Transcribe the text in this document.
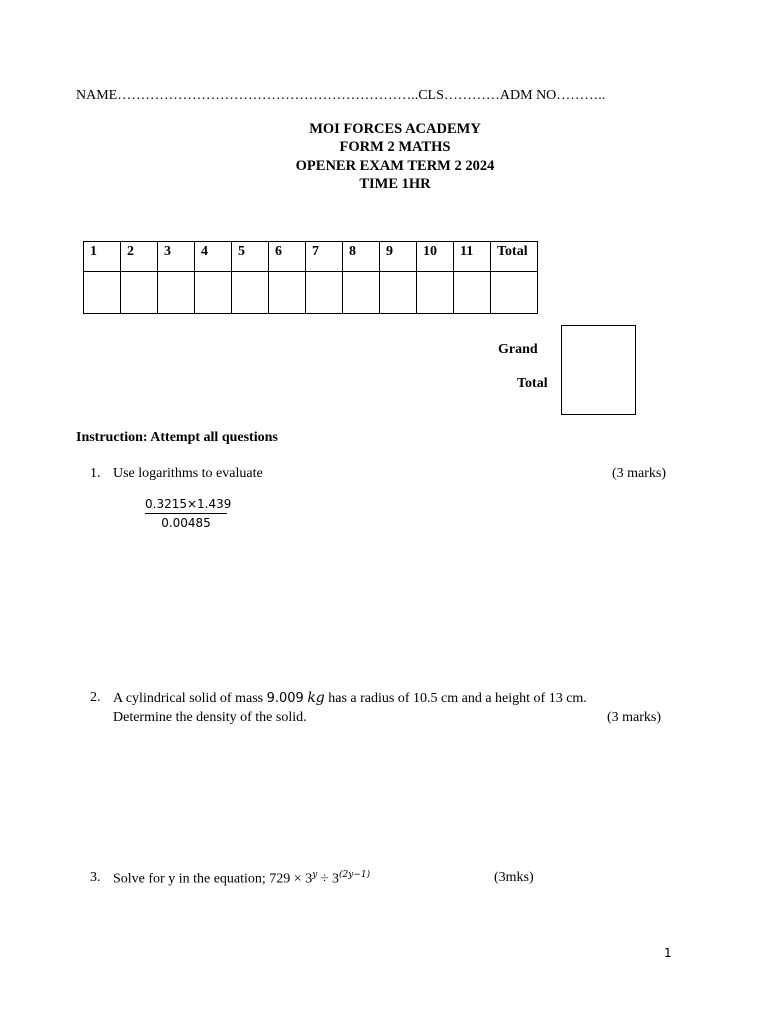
NAME………………………………………………………..CLS…………ADM NO………..
MOI FORCES ACADEMY
FORM 2 MATHS
OPENER EXAM TERM 2 2024
TIME 1HR
1	2	3	4	5	6	7	8	9	10	11	Total

Grand
Total
Instruction: Attempt all questions
1. Use logarithms to evaluate	(3 marks)
$\frac{0.3215\times 1.439}{0.00485}$
2. A cylindrical solid of mass 9.009 kg has a radius of 10.5 cm and a height of 13 cm.
Determine the density of the solid.	(3 marks)
3. Solve for y in the equation; $729 \times 3^y \div 3^{(2y-1)}$	(3mks)
1
